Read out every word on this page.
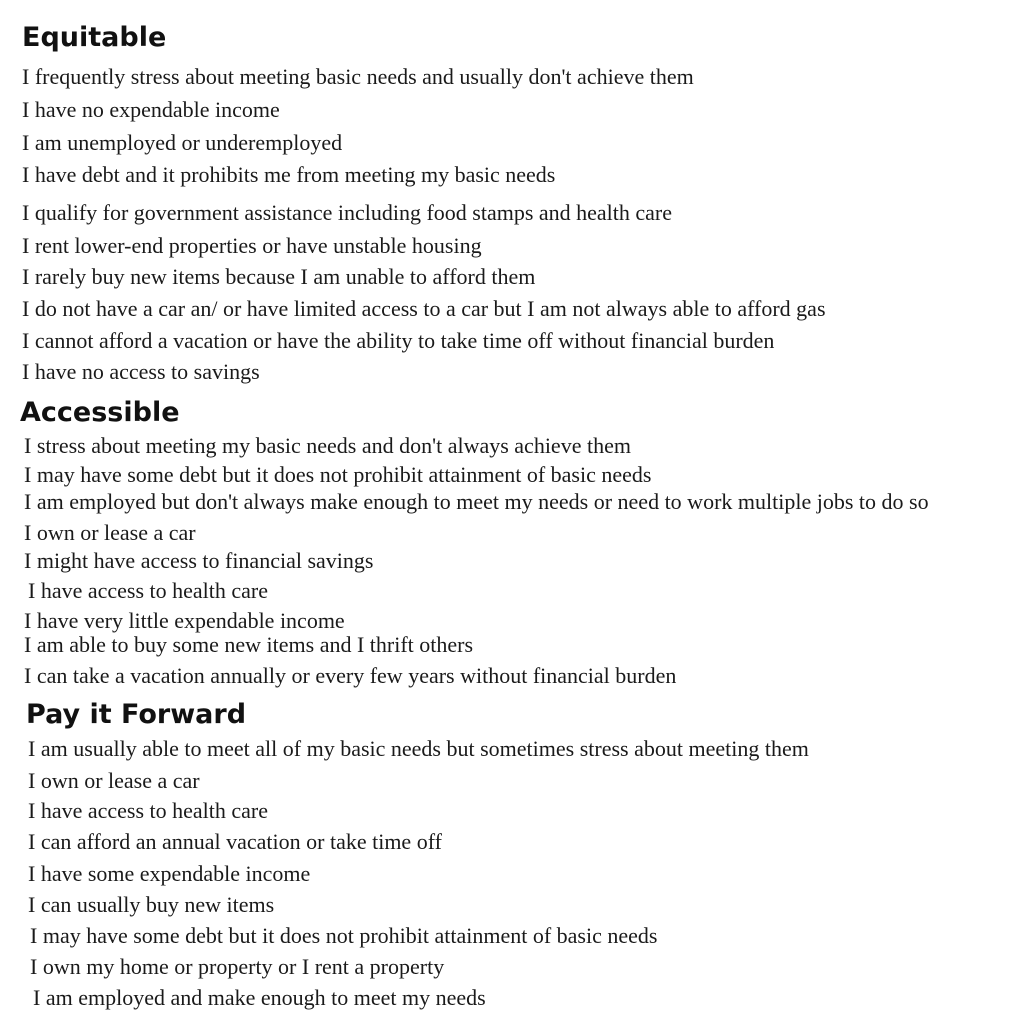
Equitable
I frequently stress about meeting basic needs and usually don't achieve them
I have no expendable income
I am unemployed or underemployed
I have debt and it prohibits me from meeting my basic needs
I qualify for government assistance including food stamps and health care
I rent lower-end properties or have unstable housing
I rarely buy new items because I am unable to afford them
I do not have a car an/ or have limited access to a car but I am not always able to afford gas
I cannot afford a vacation or have the ability to take time off without financial burden
I have no access to savings
Accessible
I stress about meeting my basic needs and don't always achieve them
I may have some debt but it does not prohibit attainment of basic needs
I am employed but don't always make enough to meet my needs or need to work multiple jobs to do so
I own or lease a car
I might have access to financial savings
I have access to health care
I have very little expendable income
I am able to buy some new items and I thrift others
I can take a vacation annually or every few years without financial burden
Pay it Forward
I am usually able to meet all of my basic needs but sometimes stress about meeting them
I own or lease a car
I have access to health care
I can afford an annual vacation or take time off
I have some expendable income
I can usually buy new items
I may have some debt but it does not prohibit attainment of basic needs
I own my home or property or I rent a property
I am employed and make enough to meet my needs
